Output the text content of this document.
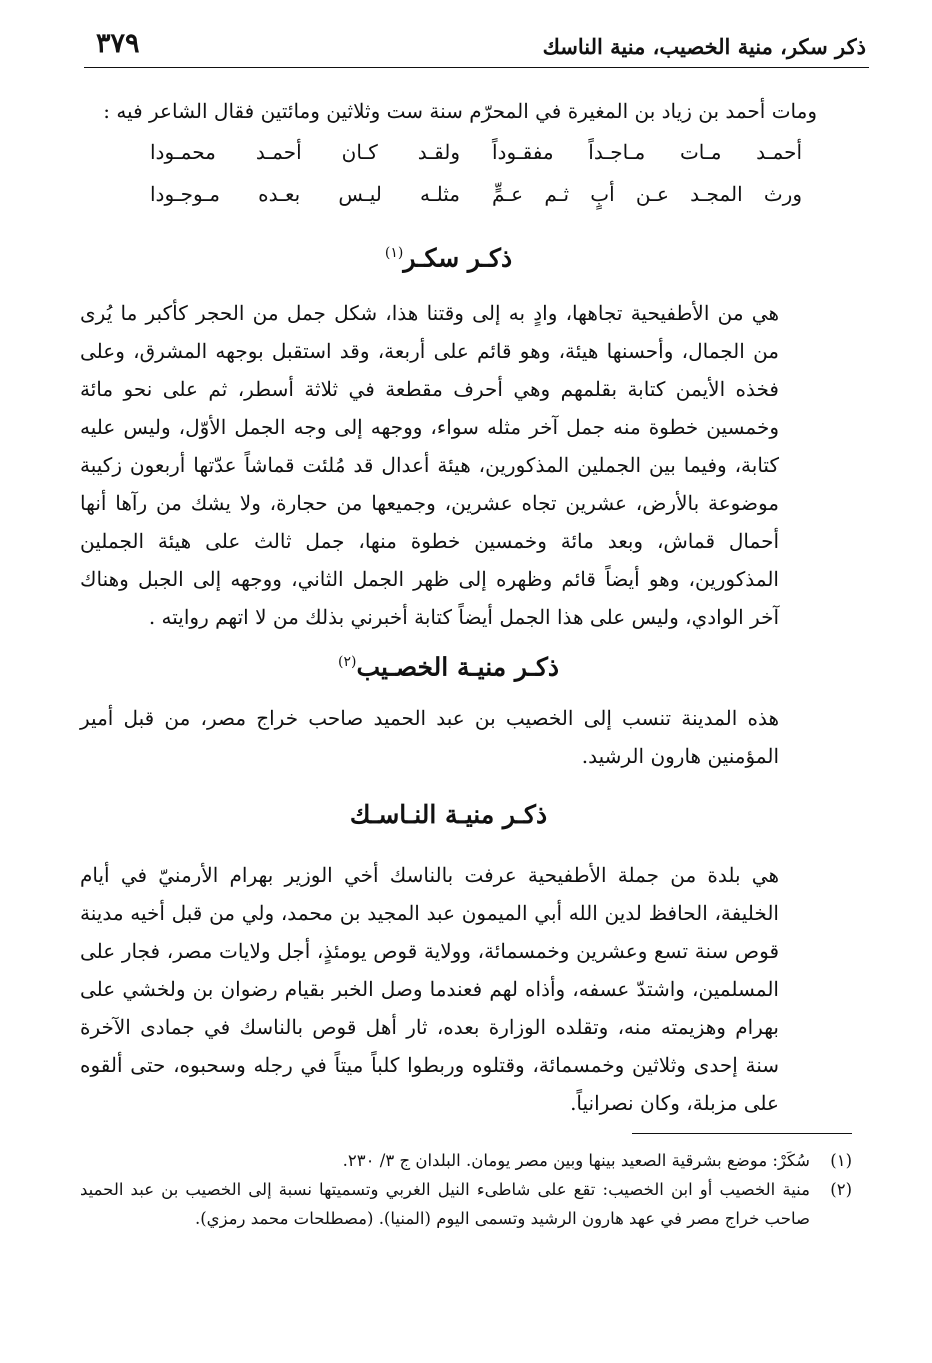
ذكر سكر، منية الخصيب، منية الناسك
٣٧٩

ومات أحمد بن زياد بن المغيرة في المحرّم سنة ست وثلاثين ومائتين فقال الشاعر فيه :

أحمـد مـات مـاجـداً مفقـوداً
ولقـد كـان أحمـد محمـودا
ورث المجـد عـن أبٍ ثـم عـمٍّ
مثلـه ليـس بعـده مـوجـودا
ذكـر سكـر$^{(١)}$

هي من الأطفيحية تجاهها، وادٍ به إلى وقتنا هذا، شكل جمل من الحجر كأكبر ما يُرى من الجمال، وأحسنها هيئة، وهو قائم على أربعة، وقد استقبل بوجهه المشرق، وعلى فخذه الأيمن كتابة بقلمهم وهي أحرف مقطعة في ثلاثة أسطر، ثم على نحو مائة وخمسين خطوة منه جمل آخر مثله سواء، ووجهه إلى وجه الجمل الأوّل، وليس عليه كتابة، وفيما بين الجملين المذكورين، هيئة أعدال قد مُلئت قماشاً عدّتها أربعون زكيبة موضوعة بالأرض، عشرين تجاه عشرين، وجميعها من حجارة، ولا يشك من رآها أنها أحمال قماش، وبعد مائة وخمسين خطوة منها، جمل ثالث على هيئة الجملين المذكورين، وهو أيضاً قائم وظهره إلى ظهر الجمل الثاني، ووجهه إلى الجبل وهناك آخر الوادي، وليس على هذا الجمل أيضاً كتابة أخبرني بذلك من لا اتهم روايته .

ذكـر منيـة الخصـيب$^{(٢)}$

هذه المدينة تنسب إلى الخصيب بن عبد الحميد صاحب خراج مصر، من قبل أمير المؤمنين هارون الرشيد.

ذكـر منيـة النـاسـك

هي بلدة من جملة الأطفيحية عرفت بالناسك أخي الوزير بهرام الأرمنيّ في أيام الخليفة، الحافظ لدين الله أبي الميمون عبد المجيد بن محمد، ولي من قبل أخيه مدينة قوص سنة تسع وعشرين وخمسمائة، وولاية قوص يومئذٍ، أجل ولايات مصر، فجار على المسلمين، واشتدّ عسفه، وأذاه لهم فعندما وصل الخبر بقيام رضوان بن ولخشي على بهرام وهزيمته منه، وتقلده الوزارة بعده، ثار أهل قوص بالناسك في جمادى الآخرة سنة إحدى وثلاثين وخمسمائة، وقتلوه وربطوا كلباً ميتاً في رجله وسحبوه، حتى ألقوه على مزبلة، وكان نصرانياً.

(١)
سُكَرْ: موضع بشرقية الصعيد بينها وبين مصر يومان. البلدان ج ٣/ ٢٣٠.
(٢)
منية الخصيب أو ابن الخصيب: تقع على شاطىء النيل الغربي وتسميتها نسبة إلى الخصيب بن عبد الحميد صاحب خراج مصر في عهد هارون الرشيد وتسمى اليوم (المنيا). (مصطلحات محمد رمزي).
